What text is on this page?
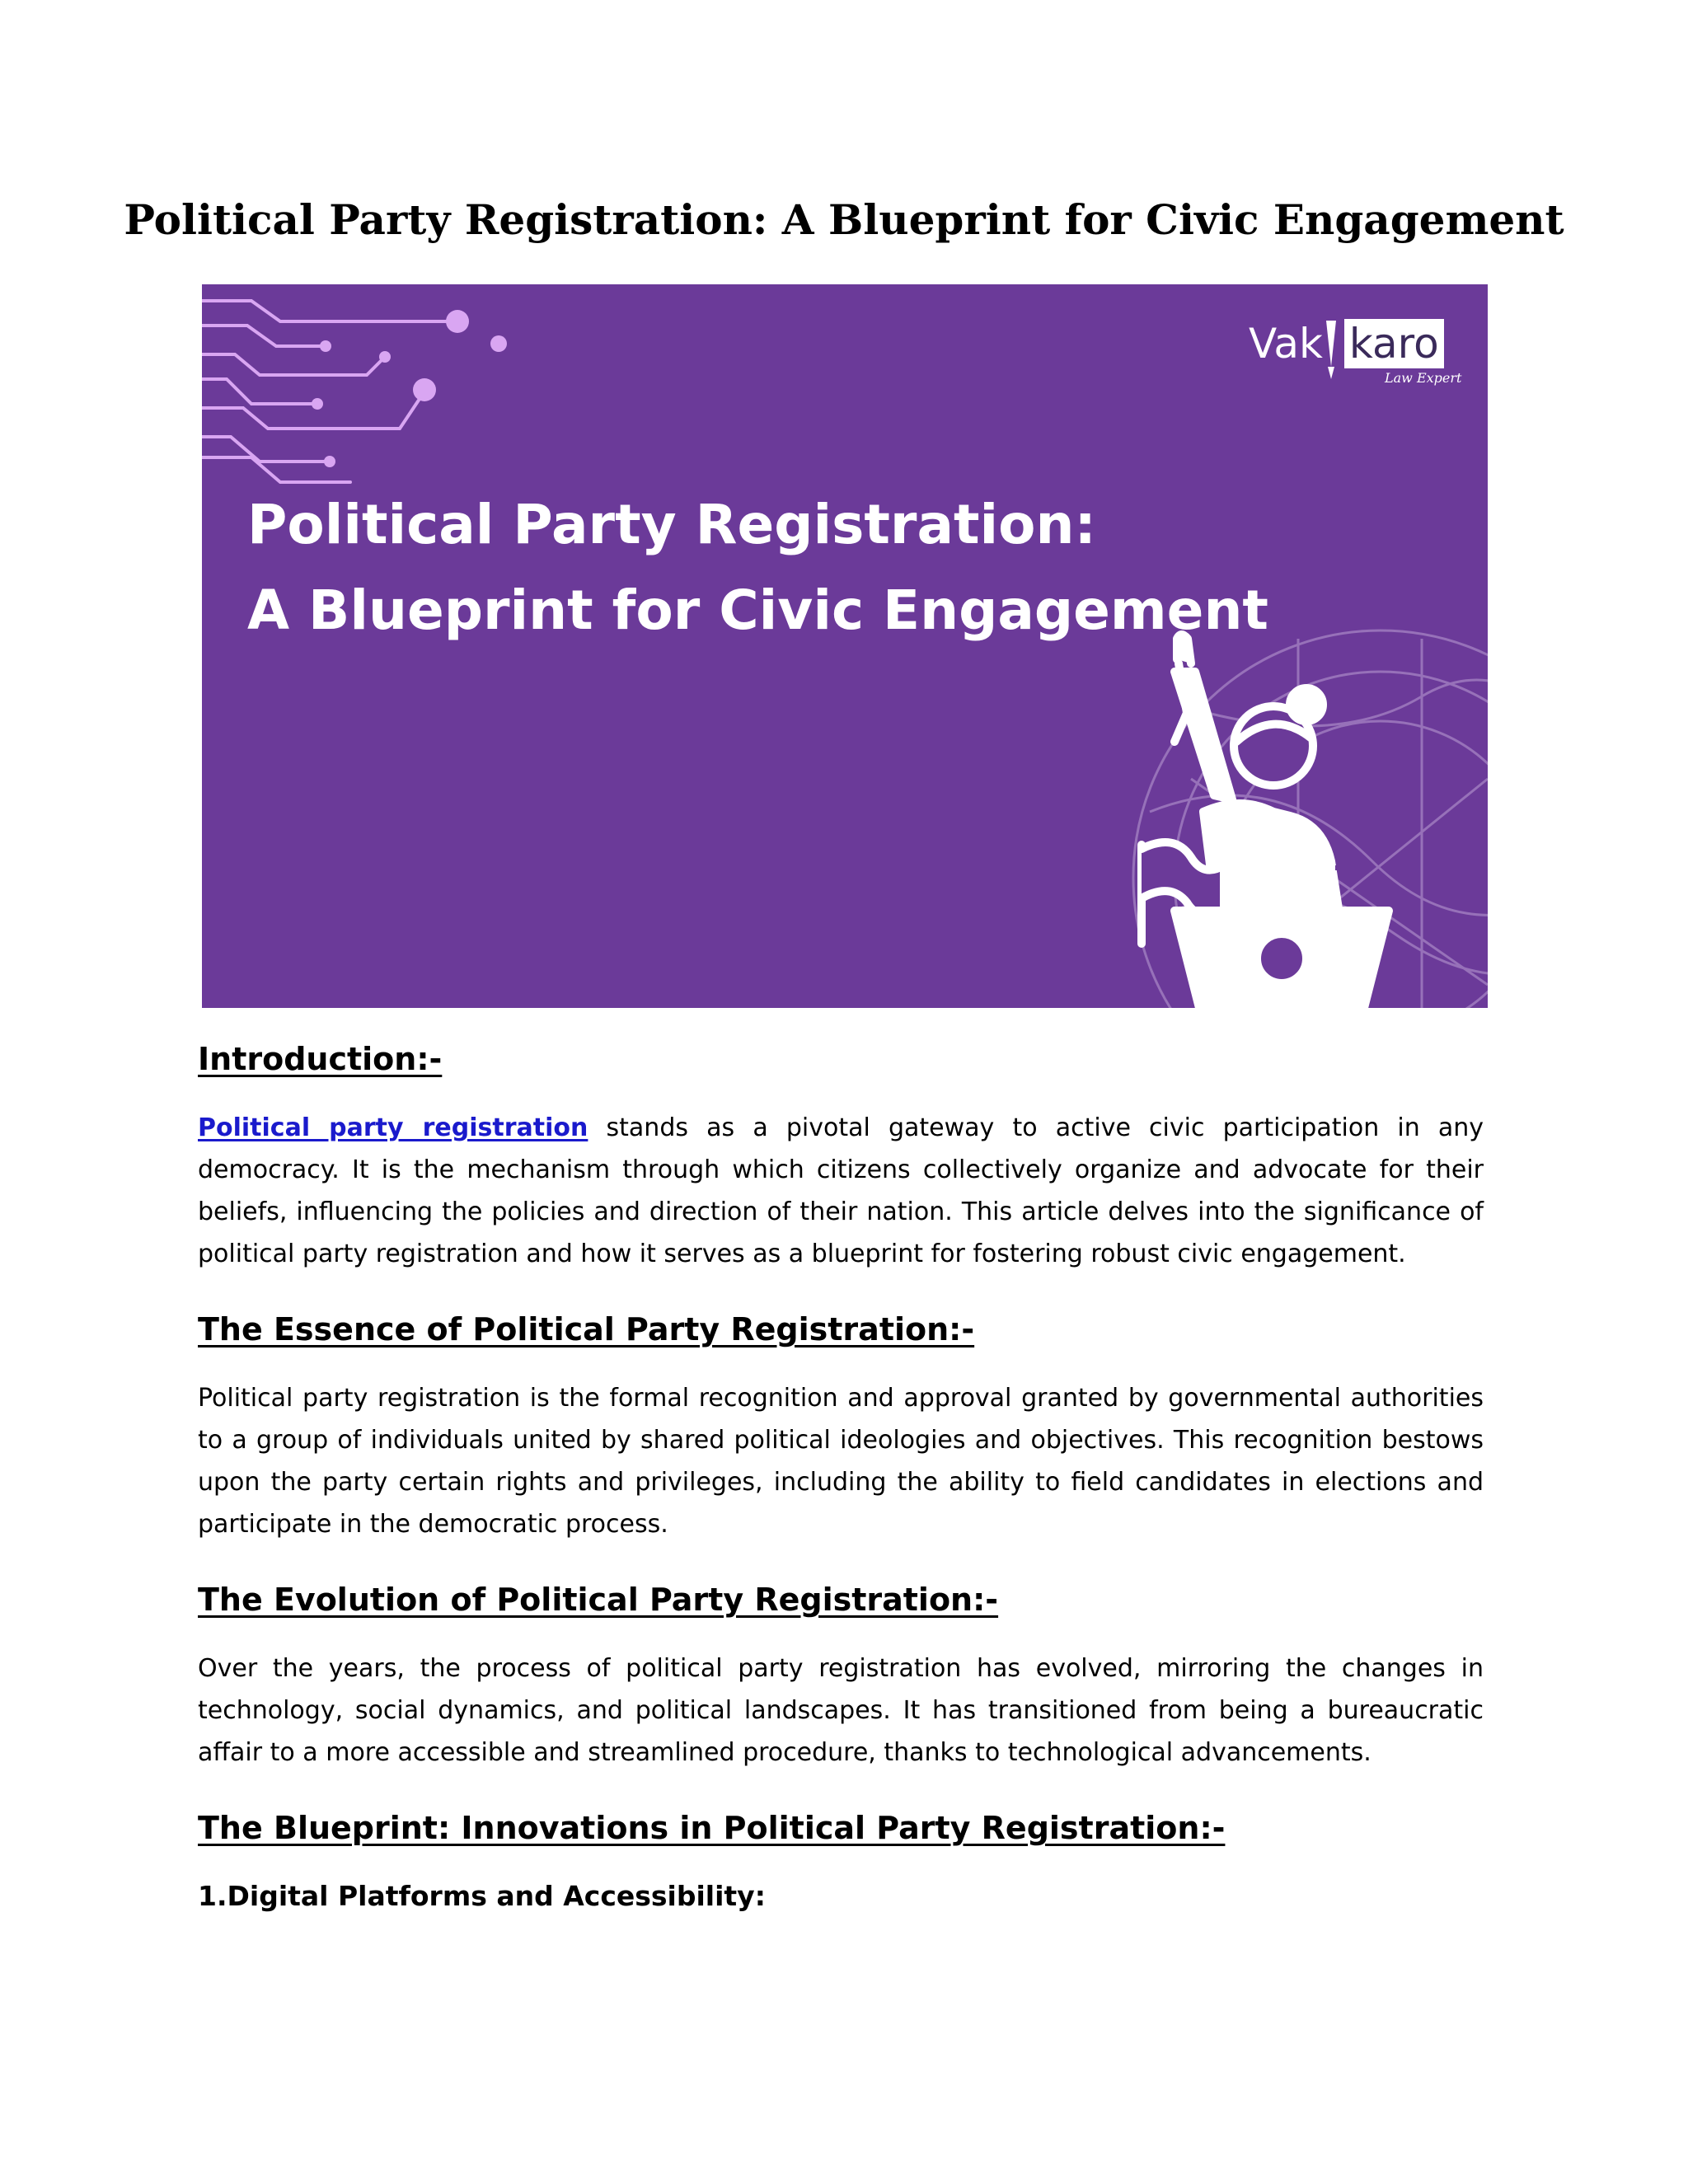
Political Party Registration: A Blueprint for Civic Engagement
Political Party Registration:
A Blueprint for Civic Engagement
Vak karo
Law Expert
Introduction:-

Political party registration stands as a pivotal gateway to active civic participation in any democracy. It is the mechanism through which citizens collectively organize and advocate for their beliefs, influencing the policies and direction of their nation. This article delves into the significance of political party registration and how it serves as a blueprint for fostering robust civic engagement.

The Essence of Political Party Registration:-

Political party registration is the formal recognition and approval granted by governmental authorities to a group of individuals united by shared political ideologies and objectives. This recognition bestows upon the party certain rights and privileges, including the ability to field candidates in elections and participate in the democratic process.

The Evolution of Political Party Registration:-

Over the years, the process of political party registration has evolved, mirroring the changes in technology, social dynamics, and political landscapes. It has transitioned from being a bureaucratic affair to a more accessible and streamlined procedure, thanks to technological advancements.

The Blueprint: Innovations in Political Party Registration:-
1.Digital Platforms and Accessibility:
